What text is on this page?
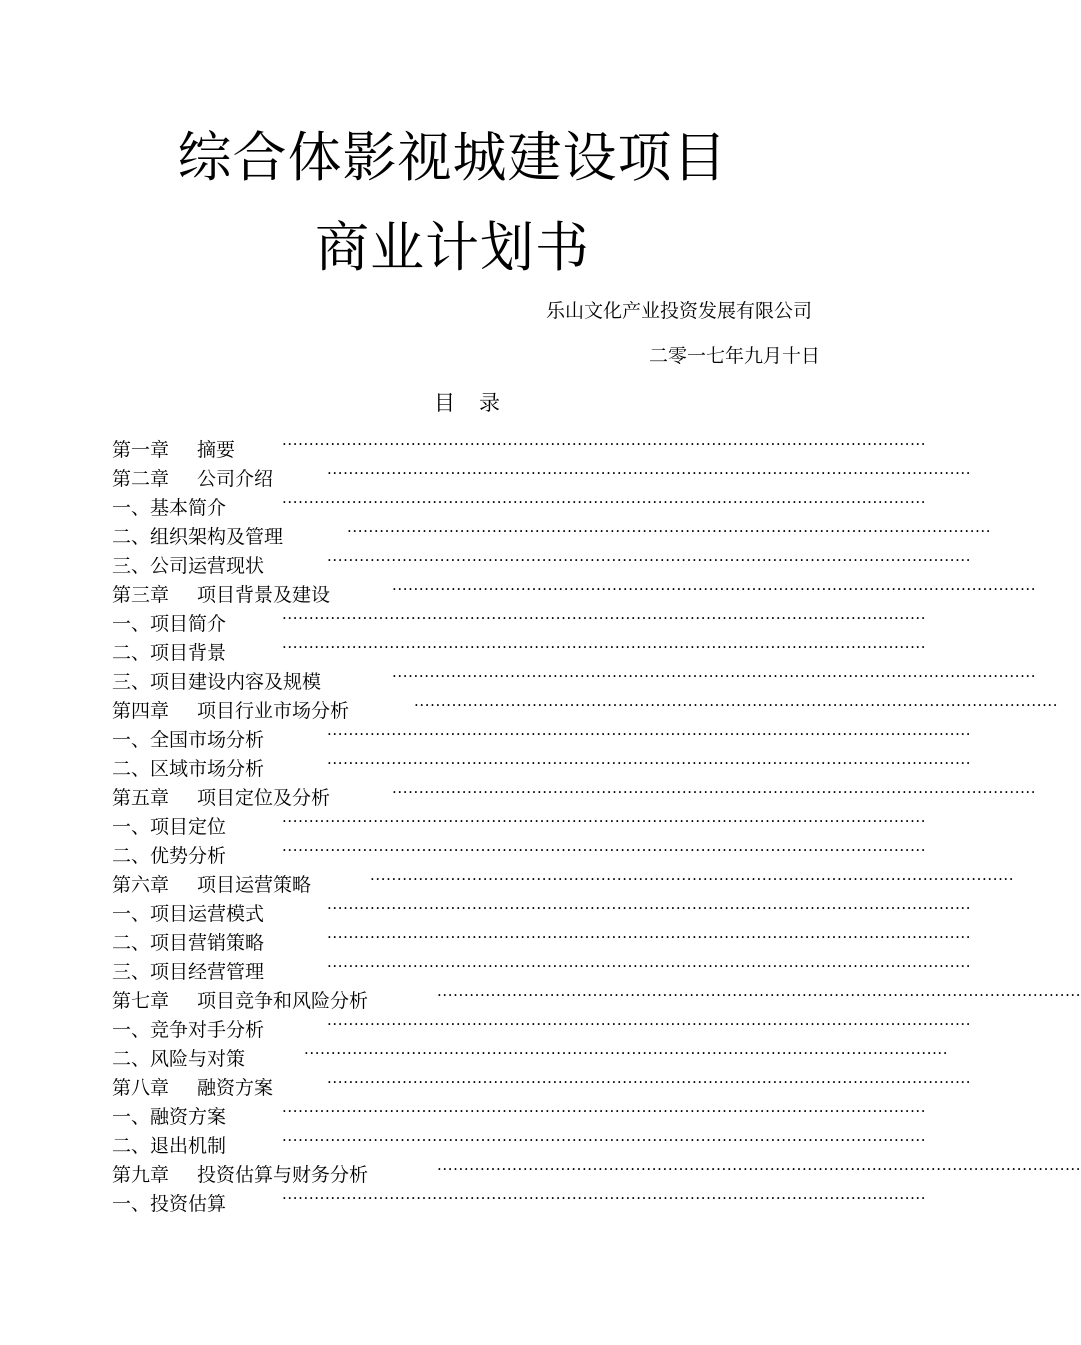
综合体影视城建设项目
商业计划书
乐山文化产业投资发展有限公司
二零一七年九月十日
目录
第一章 摘要	························································································································
第二章 公司介绍	························································································································
一、基本简介	························································································································
二、组织架构及管理	························································································································
三、公司运营现状	························································································································
第三章 项目背景及建设	························································································································
一、项目简介	························································································································
二、项目背景	························································································································
三、项目建设内容及规模	························································································································
第四章 项目行业市场分析	························································································································
一、全国市场分析	························································································································
二、区域市场分析	························································································································
第五章 项目定位及分析	························································································································
一、项目定位	························································································································
二、优势分析	························································································································
第六章 项目运营策略	························································································································
一、项目运营模式	························································································································
二、项目营销策略	························································································································
三、项目经营管理	························································································································
第七章 项目竞争和风险分析	························································································································
一、竞争对手分析	························································································································
二、风险与对策	························································································································
第八章 融资方案	························································································································
一、融资方案	························································································································
二、退出机制	························································································································
第九章 投资估算与财务分析	························································································································
一、投资估算	························································································································
